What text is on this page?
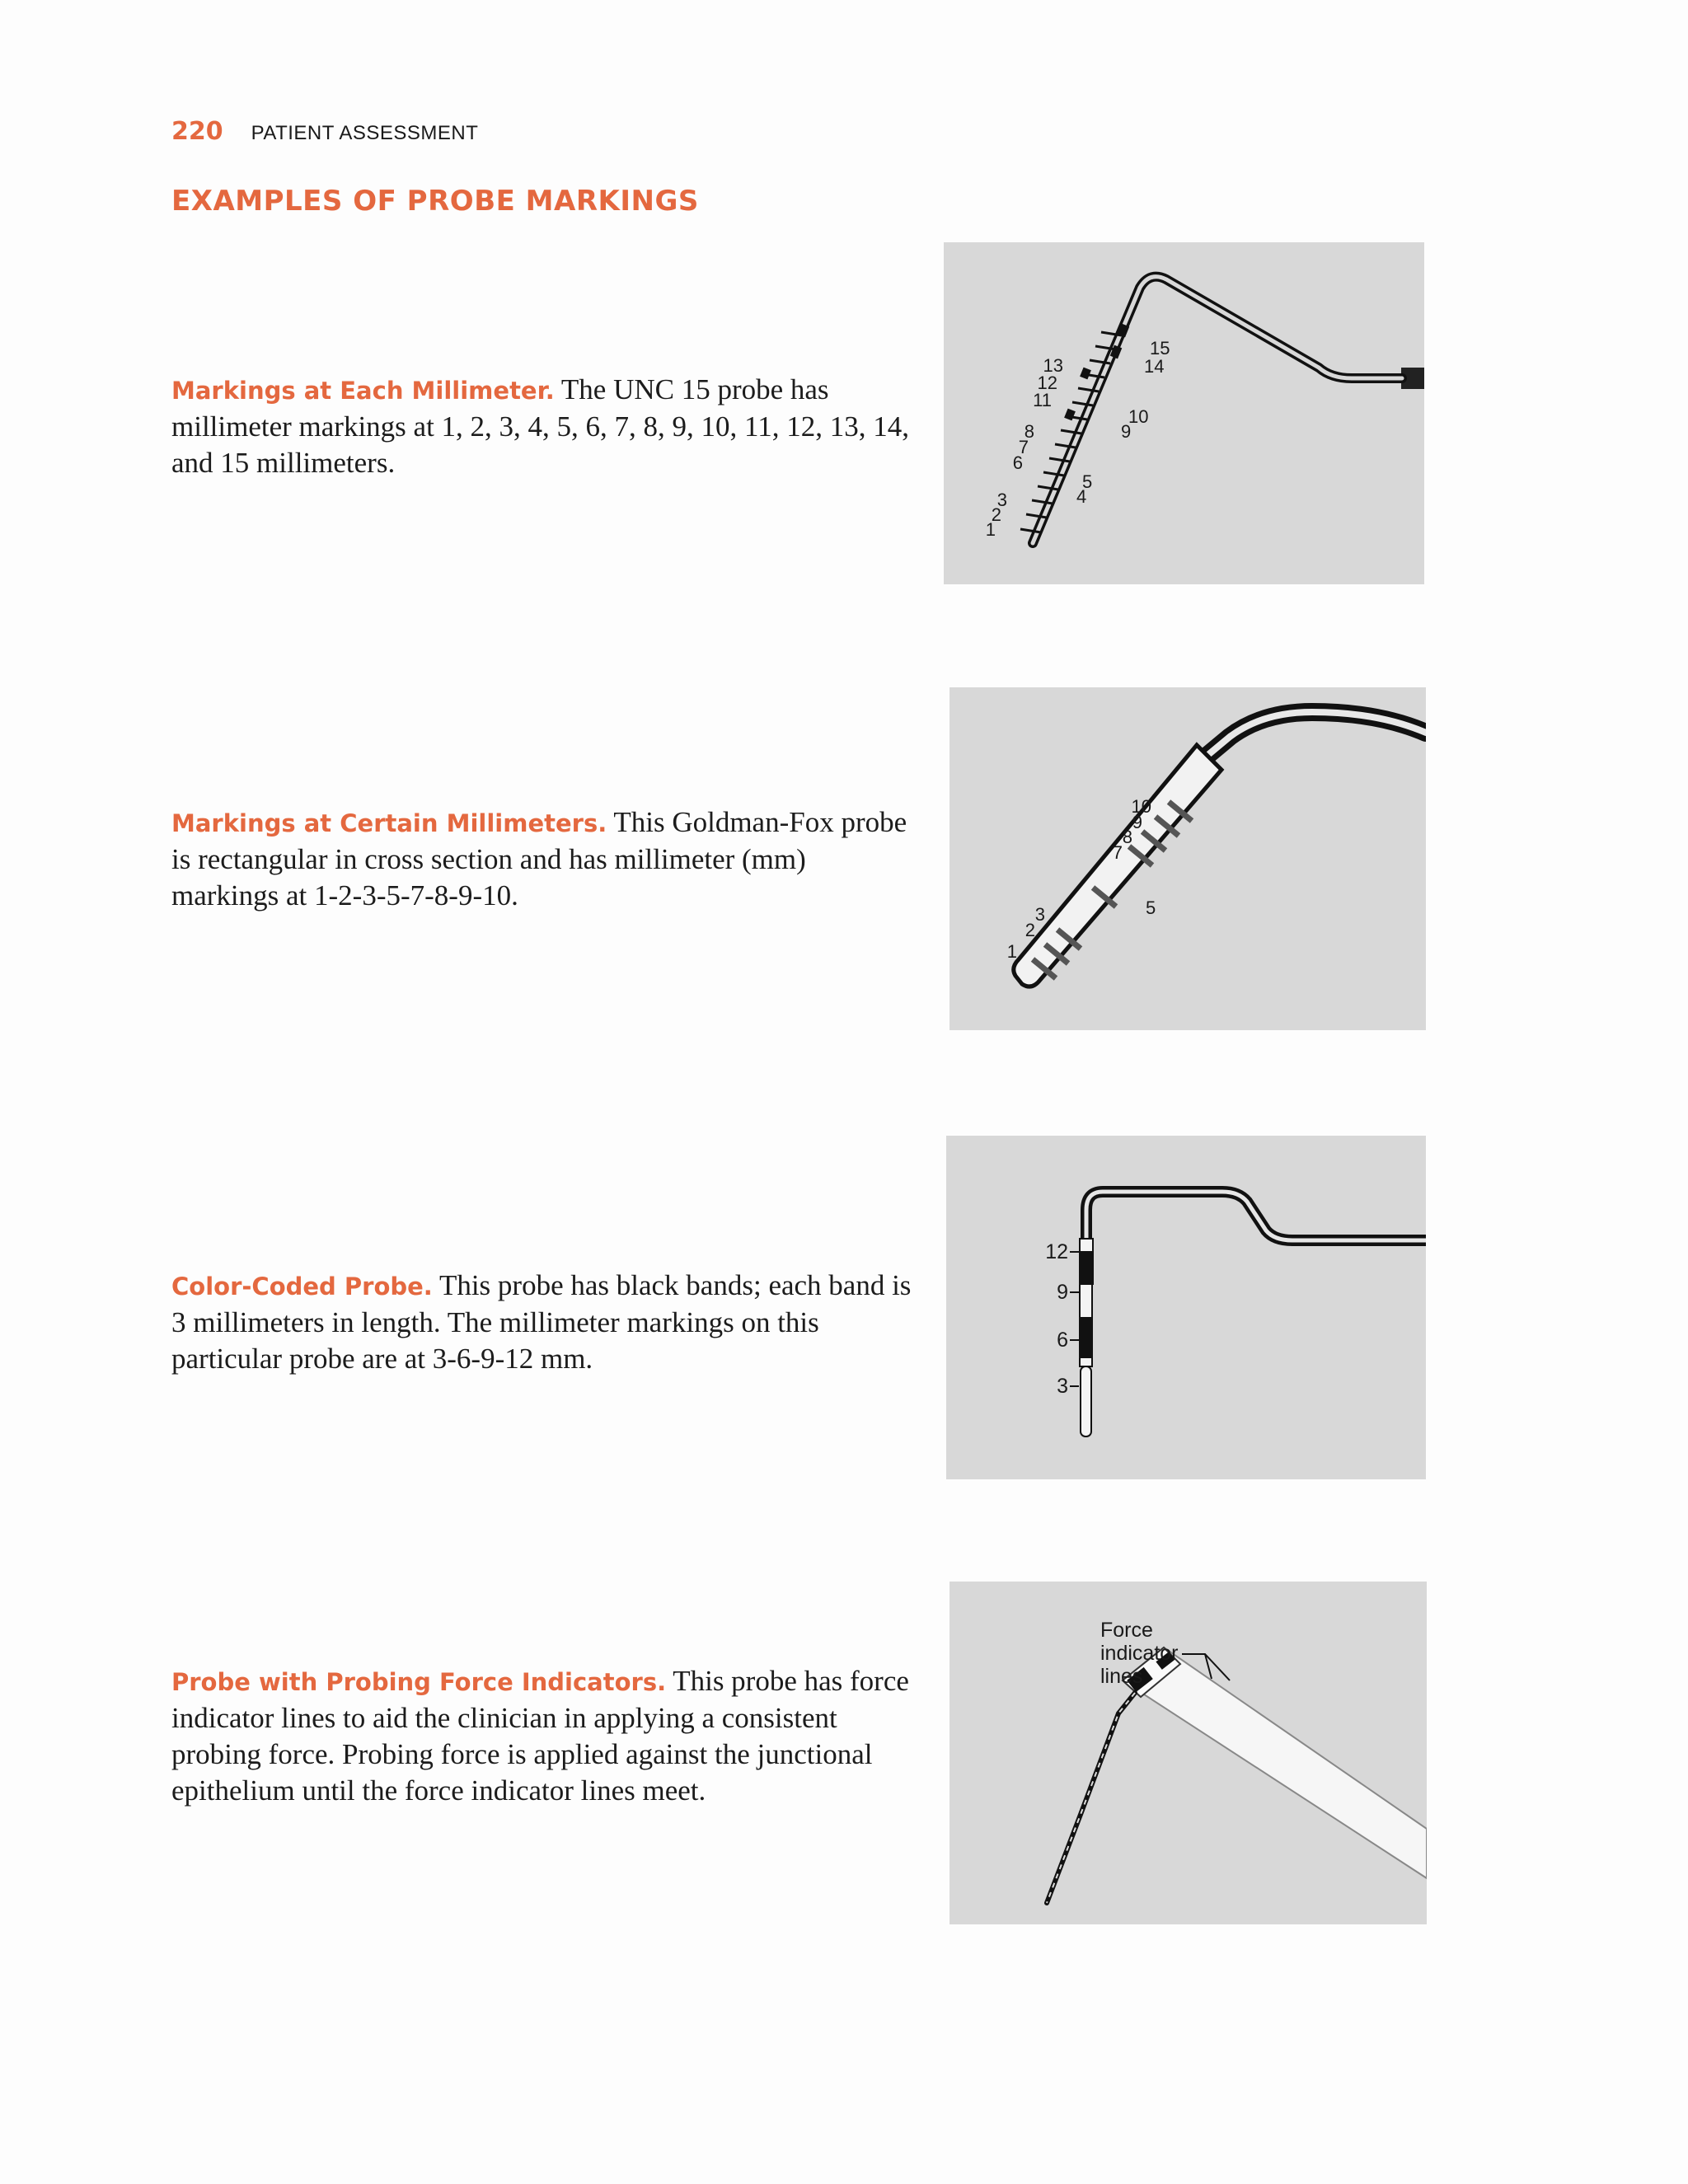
220 PATIENT ASSESSMENT
EXAMPLES OF PROBE MARKINGS

Markings at Each Millimeter. The UNC 15 probe has millimeter markings at 1, 2, 3, 4, 5, 6, 7, 8, 9, 10, 11, 12, 13, 14, and 15 millimeters.

13
12
11
8
7
6
3
2
1
15
14
10
9
5
4

Markings at Certain Millimeters. This Goldman-Fox probe is rectangular in cross section and has millimeter (mm) markings at 1-2-3-5-7-8-9-10.

10
9
8
7
3
2
1
5

Color-Coded Probe. This probe has black bands; each band is 3 millimeters in length. The millimeter markings on this particular probe are at 3-6-9-12 mm.

12
9
6
3

Probe with Probing Force Indicators. This probe has force indicator lines to aid the clinician in applying a consistent probing force. Probing force is applied against the junctional epithelium until the force indicator lines meet.

Force
indicator
lines
